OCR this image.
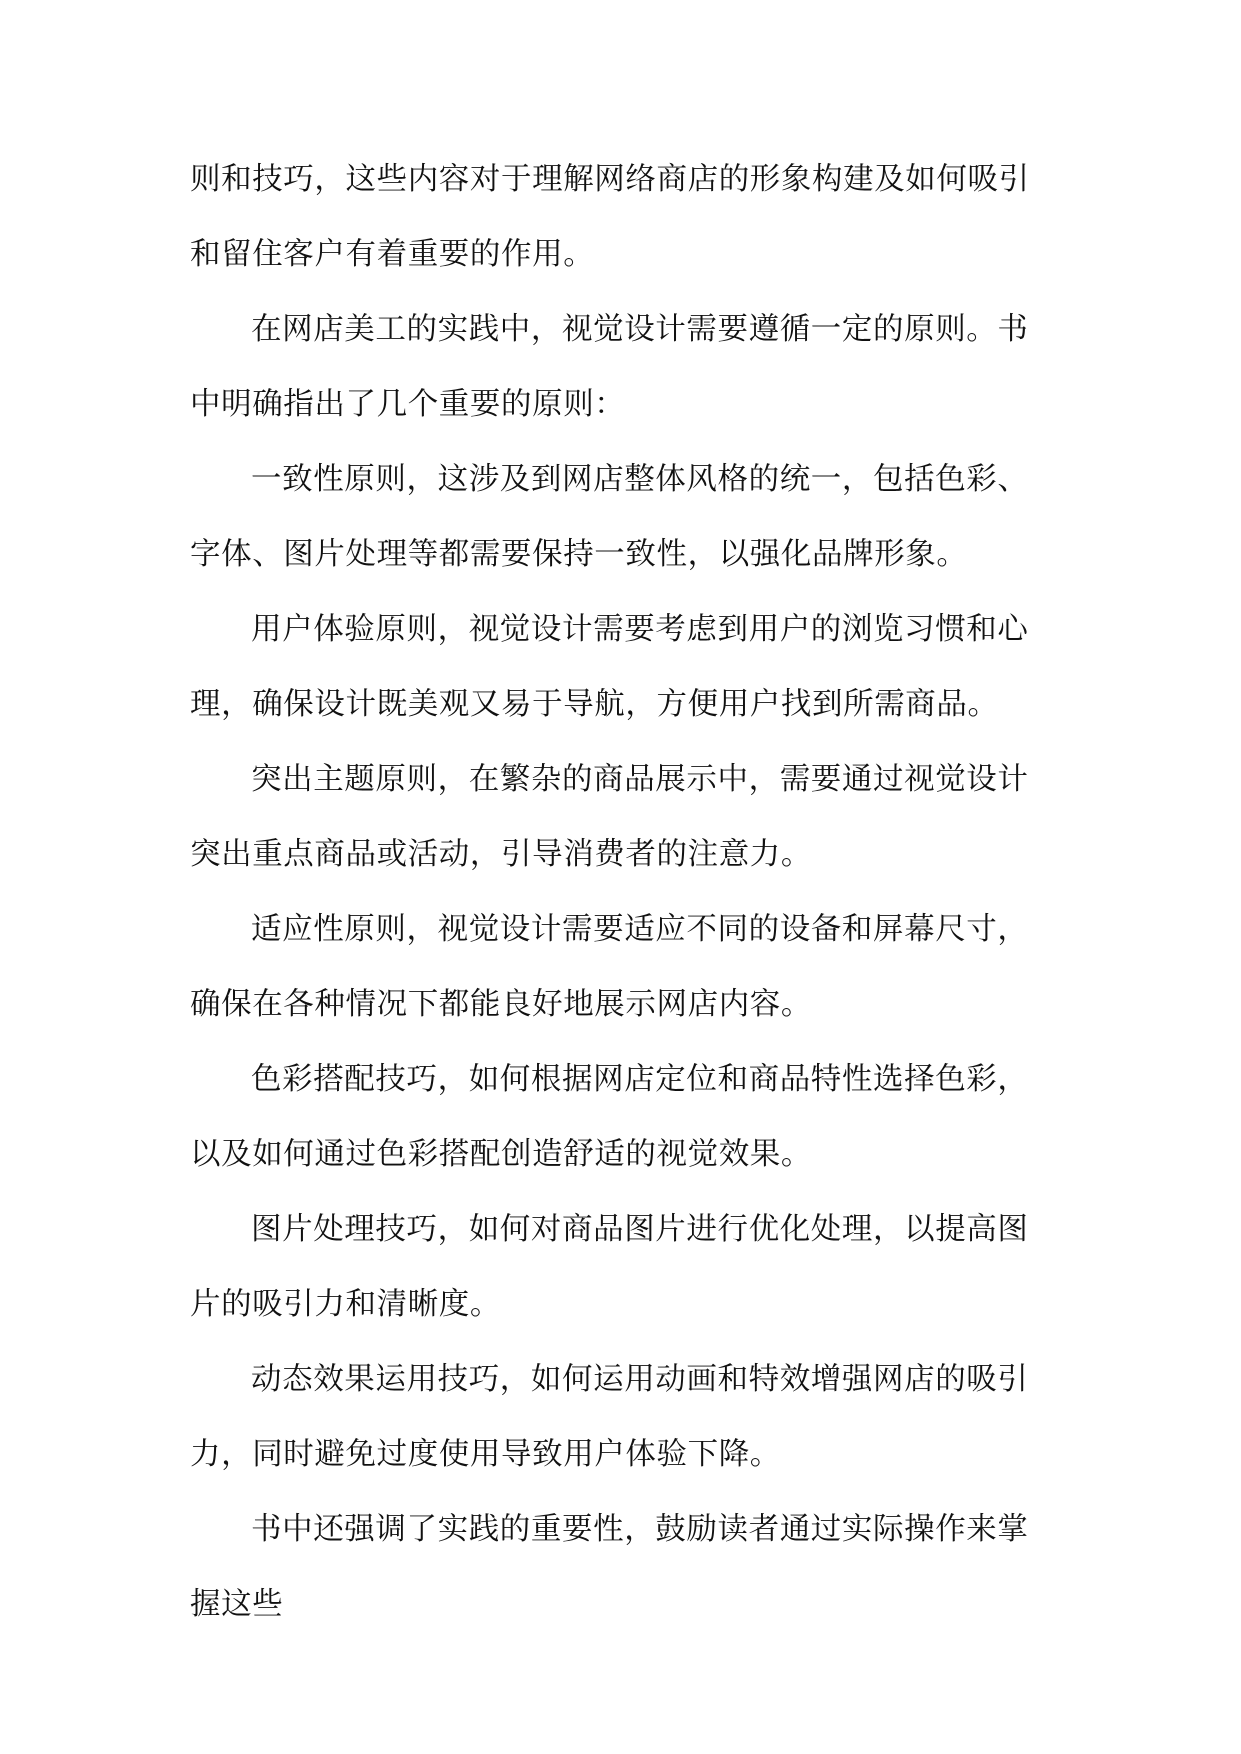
则和技巧，这些内容对于理解网络商店的形象构建及如何吸引和留住客户有着重要的作用。

在网店美工的实践中，视觉设计需要遵循一定的原则。书中明确指出了几个重要的原则：

一致性原则，这涉及到网店整体风格的统一，包括色彩、字体、图片处理等都需要保持一致性，以强化品牌形象。

用户体验原则，视觉设计需要考虑到用户的浏览习惯和心理，确保设计既美观又易于导航，方便用户找到所需商品。

突出主题原则，在繁杂的商品展示中，需要通过视觉设计突出重点商品或活动，引导消费者的注意力。

适应性原则，视觉设计需要适应不同的设备和屏幕尺寸，确保在各种情况下都能良好地展示网店内容。

色彩搭配技巧，如何根据网店定位和商品特性选择色彩，以及如何通过色彩搭配创造舒适的视觉效果。

图片处理技巧，如何对商品图片进行优化处理，以提高图片的吸引力和清晰度。

动态效果运用技巧，如何运用动画和特效增强网店的吸引力，同时避免过度使用导致用户体验下降。

书中还强调了实践的重要性，鼓励读者通过实际操作来掌握这些
